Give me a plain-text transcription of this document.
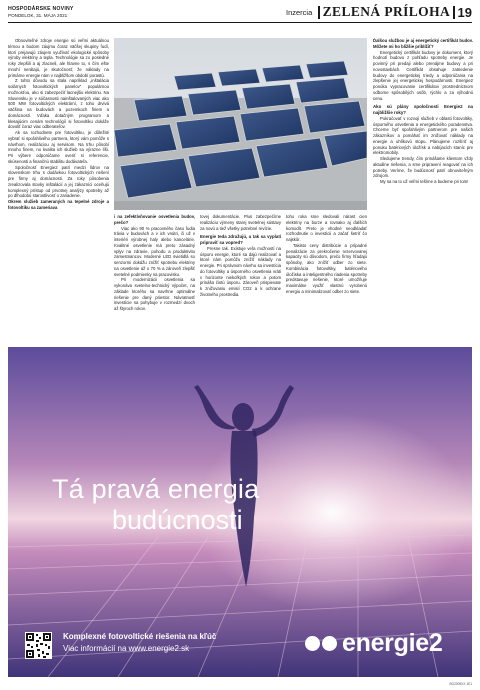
HOSPODÁRSKE NOVINY
PONDELOK, 31. MÁJA 2021	Inzercia ZELENÁ PRÍLOHA 19

Obnoviteľné zdroje energie sú veľmi aktuálnou témou a bodom záujmu čoraz väčšej skupiny ľudí, ktorí prejavujú záujem využívať ekologické spôsoby výroby elektriny a tepla. Technológie sa zo posledné roky zlepšili a aj zlacneli, ale hlavne to, s čím ešte mnohí nerátajú, je skutočnosť, že náklady na primárne energie nám v najbližšom období porastú.

Z tohto dôvodu sa stala napríklad „inštalácia solárnych fotovoltických panelov“ populárnou možnosťou, ako si zabezpečiť lacnejšiu elektrinu. Na Slovensku je v súčasnosti nainštalovaných viac ako 500 MW fotovoltických elektrární, z toho drvivá väčšina na budovách a pozemkoch firiem a domácností. Vďaka dotačným programom a klesajúcim cenám technológií si fotovoltiku dokáže dovoliť čoraz viac odberateľov.

Ak sa rozhodnete pre fotovoltiku, je dôležité vybrať si spoľahlivého partnera, ktorý vám pomôže s návrhom, realizáciou aj servisom. Na trhu pôsobí mnoho firiem, no kvalita ich služieb sa výrazne líši. Pri výbere odporúčame overiť si referencie, skúsenosti a finančnú stabilitu dodávateľa.

Spoločnosť Energie2 patrí medzi lídrov na slovenskom trhu s dodávkou fotovoltických riešení pre firmy aj domácnosti. Za roky pôsobenia zrealizovala stovky inštalácií a jej zákazníci oceňujú komplexný prístup od prvotnej analýzy spotreby až po dlhodobú starostlivosť o zariadenie.

Okrem služieb zameraných na tepelné zdroje a fotovoltiku sa zameriava

i na zefektívňovanie osvetlenia budov, prečo?

Viac ako 90 % pracovného času ľudia trávia v budovách a v ich vnútri, či už v interiéri výrobnej haly alebo kancelárie. Kvalitné osvetlenie má preto zásadný vplyv na zdravie, pohodu a produktivitu zamestnancov. Moderné LED svietidlá so senzormi dokážu znížiť spotrebu elektriny na osvetlenie až o 70 % a zároveň zlepšiť svetelné podmienky na pracovisku.

Pri modernizácii osvetlenia sa vykonáva svetelno-technický výpočet, na základe ktorého sa navrhne optimálne riešenie pre daný priestor. Návratnosť investície sa pohybuje v rozmedzí dvoch až štyroch rokov.

tovej dokumentácie. Plus zabezpečíme realizáciu výmeny starej svetelnej sústavy za novú a tiež všetky potrebné revízie.

Energie teda zdražujú, a tak sa vyplatí pripraviť sa vopred?

Presne tak. Existuje veľa možností na úsporu energie, ktoré sa dajú realizovať a ktoré nám pomôžu znížiť náklady na energie. Pri správnom návrhu sa investícia do fotovoltiky a úsporného osvetlenia vráti v horizonte niekoľkých rokov a potom prináša čistú úsporu. Zároveň prispievate k znižovaniu emisií CO2 a k ochrane životného prostredia.

toho roka sme sledovali nárast cien elektriny na burze a rovnako aj ďalších komodít. Preto je vhodné neodkladať rozhodnutie o investícii a začať šetriť čo najskôr.

Takisto ceny distribúcie a prípadné penalizácie za prekročenie rezervovanej kapacity sú dôvodom, prečo firmy hľadajú spôsoby, ako znížiť odber zo siete. Kombinácia fotovoltiky, batériového úložiska a inteligentného riadenia spotreby predstavuje riešenie, ktoré umožňuje maximálne využiť vlastnú vyrobenú energiu a minimalizovať odber zo siete.

Ďalšou službou je aj energetický certifikát budov. Môžete mi ho bližšie priblížiť?

Energetický certifikát budovy je dokument, ktorý hodnotí budovu z pohľadu spotreby energie. Je povinný pri predaji alebo prenájme budovy a pri novostavbách. Certifikát obsahuje zatriedenie budovy do energetickej triedy a odporúčania na zlepšenie jej energetickej hospodárnosti. Energie2 ponúka vypracovanie certifikátov prostredníctvom odborne spôsobilých osôb, rýchlo a za výhodnú cenu.

Ako sú plány spoločnosti Energie2 na najbližšie roky?

Pokračovať v rozvoji služieb v oblasti fotovoltiky, úsporného osvetlenia a energetického poradenstva. Chceme byť spoľahlivým partnerom pre našich zákazníkov a pomáhať im znižovať náklady na energie a uhlíkovú stopu. Plánujeme rozšíriť aj ponuku batériových úložísk a nabíjacích staníc pre elektromobily.

Sledujeme trendy, čím prinášame klientom vždy aktuálne riešenia, a sme pripravení reagovať na ich potreby. Veríme, že budúcnosť patrí obnoviteľným zdrojom.

My sa na to už veľmi tešíme a budeme pri tom!

Tá pravá energia
budúcnosti
Komplexné fotovoltické riešenia na kľúč
Viac informácií na www.energie2.sk	energie2
BG2009XX.1E1
